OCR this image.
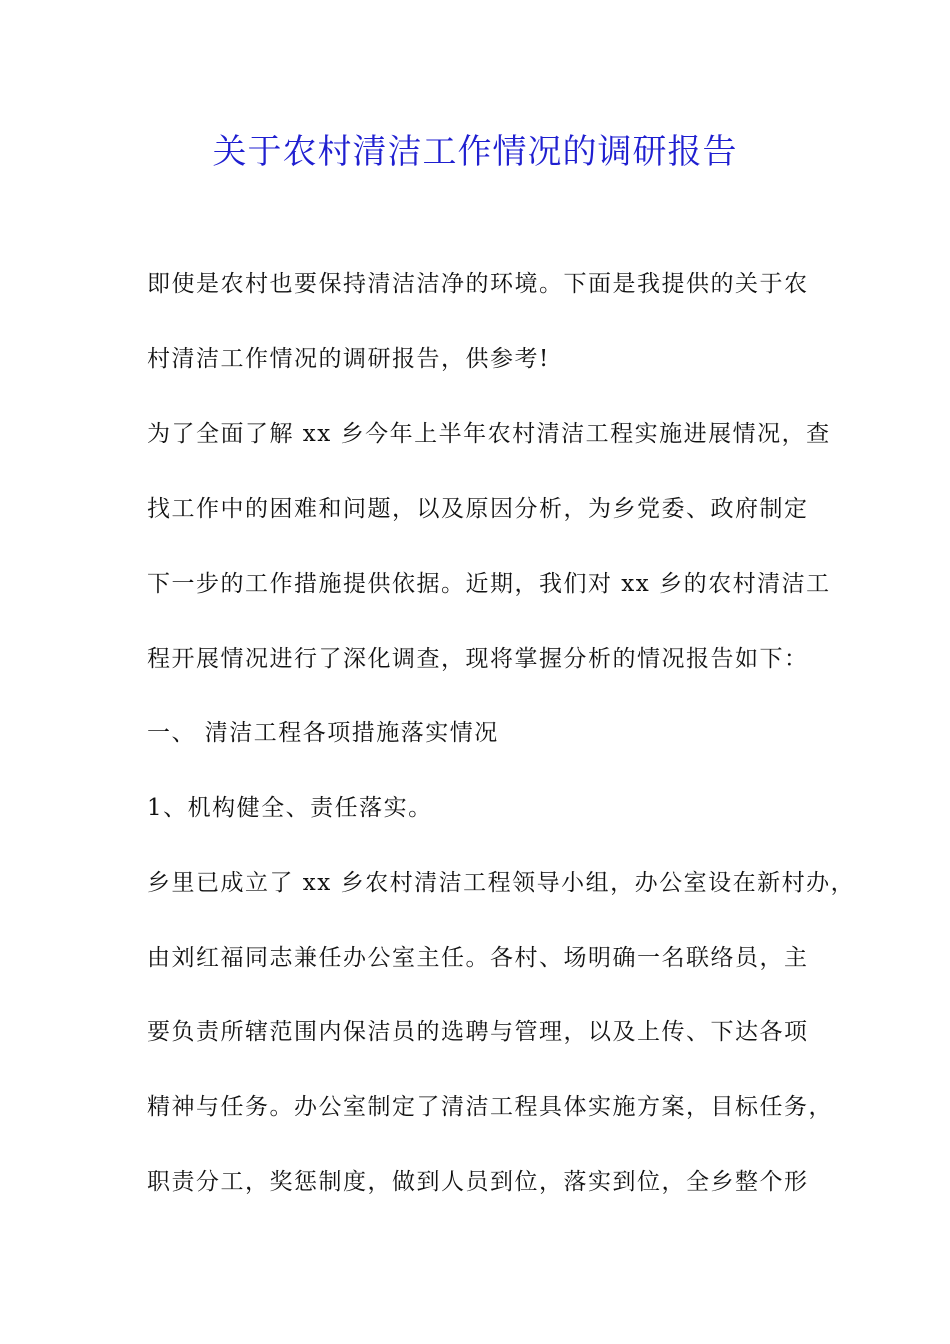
关于农村清洁工作情况的调研报告
即使是农村也要保持清洁洁净的环境。下面是我提供的关于农
村清洁工作情况的调研报告，供参考!
为了全面了解 xx 乡今年上半年农村清洁工程实施进展情况，查
找工作中的困难和问题，以及原因分析，为乡党委、政府制定
下一步的工作措施提供依据。近期，我们对 xx 乡的农村清洁工
程开展情况进行了深化调查，现将掌握分析的情况报告如下：
一、 清洁工程各项措施落实情况
1、机构健全、责任落实。
乡里已成立了 xx 乡农村清洁工程领导小组，办公室设在新村办，
由刘红福同志兼任办公室主任。各村、场明确一名联络员，主
要负责所辖范围内保洁员的选聘与管理，以及上传、下达各项
精神与任务。办公室制定了清洁工程具体实施方案，目标任务，
职责分工，奖惩制度，做到人员到位，落实到位，全乡整个形
